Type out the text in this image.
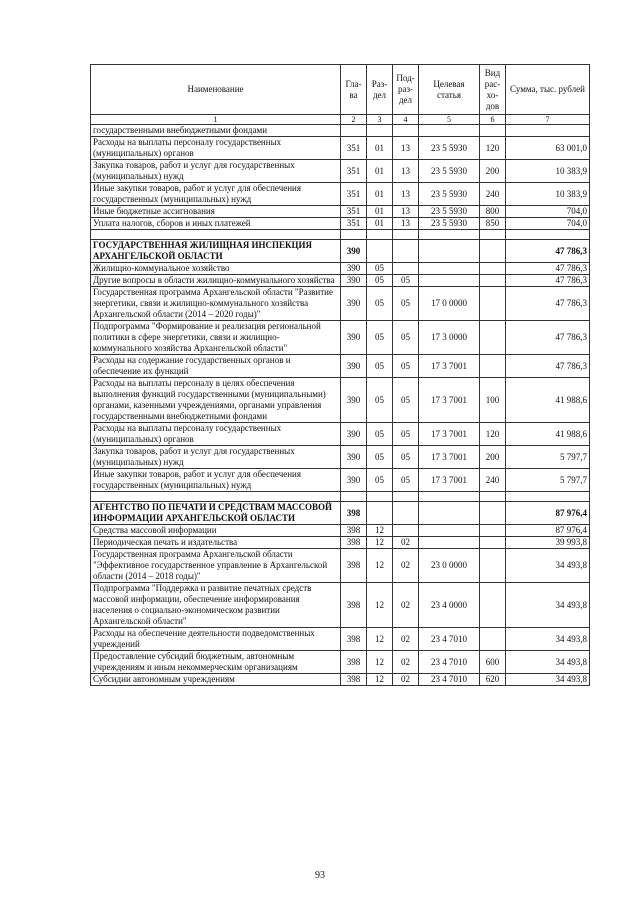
Наименование	Гла-ва	Раз-дел	Под-раз-дел	Целевая статья	Вид рас-хо-дов	Сумма, тыс. рублей
1	2	3	4	5	6	7
государственными внебюджетными фондами						
Расходы на выплаты персоналу государственных (муниципальных) органов	351	01	13	23 5 5930	120	63 001,0
Закупка товаров, работ и услуг для государственных (муниципальных) нужд	351	01	13	23 5 5930	200	10 383,9
Иные закупки товаров, работ и услуг для обеспечения государственных (муниципальных) нужд	351	01	13	23 5 5930	240	10 383,9
Иные бюджетные ассигнования	351	01	13	23 5 5930	800	704,0
Уплата налогов, сборов и иных платежей	351	01	13	23 5 5930	850	704,0

ГОСУДАРСТВЕННАЯ ЖИЛИЩНАЯ ИНСПЕКЦИЯ АРХАНГЕЛЬСКОЙ ОБЛАСТИ	390					47 786,3
Жилищно-коммунальное хозяйство	390	05				47 786,3
Другие вопросы в области жилищно-коммунального хозяйства	390	05	05			47 786,3
Государственная программа Архангельской области "Развитие энергетики, связи и жилищно-коммунального хозяйства Архангельской области (2014 – 2020 годы)"	390	05	05	17 0 0000		47 786,3
Подпрограмма "Формирование и реализация региональной политики в сфере энергетики, связи и жилищно-коммунального хозяйства Архангельской области"	390	05	05	17 3 0000		47 786,3
Расходы на содержание государственных органов и обеспечение их функций	390	05	05	17 3 7001		47 786,3
Расходы на выплаты персоналу в целях обеспечения выполнения функций государственными (муниципальными) органами, казенными учреждениями, органами управления государственными внебюджетными фондами	390	05	05	17 3 7001	100	41 988,6
Расходы на выплаты персоналу государственных (муниципальных) органов	390	05	05	17 3 7001	120	41 988,6
Закупка товаров, работ и услуг для государственных (муниципальных) нужд	390	05	05	17 3 7001	200	5 797,7
Иные закупки товаров, работ и услуг для обеспечения государственных (муниципальных) нужд	390	05	05	17 3 7001	240	5 797,7

АГЕНТСТВО ПО ПЕЧАТИ И СРЕДСТВАМ МАССОВОЙ ИНФОРМАЦИИ АРХАНГЕЛЬСКОЙ ОБЛАСТИ	398					87 976,4
Средства массовой информации	398	12				87 976,4
Периодическая печать и издательства	398	12	02			39 993,8
Государственная программа Архангельской области "Эффективное государственное управление в Архангельской области (2014 – 2018 годы)"	398	12	02	23 0 0000		34 493,8
Подпрограмма "Поддержка и развитие печатных средств массовой информации, обеспечение информирования населения о социально-экономическом развитии Архангельской области"	398	12	02	23 4 0000		34 493,8
Расходы на обеспечение деятельности подведомственных учреждений	398	12	02	23 4 7010		34 493,8
Предоставление субсидий бюджетным, автономным учреждениям и иным некоммерческим организациям	398	12	02	23 4 7010	600	34 493,8
Субсидии автономным учреждениям	398	12	02	23 4 7010	620	34 493,8
93
